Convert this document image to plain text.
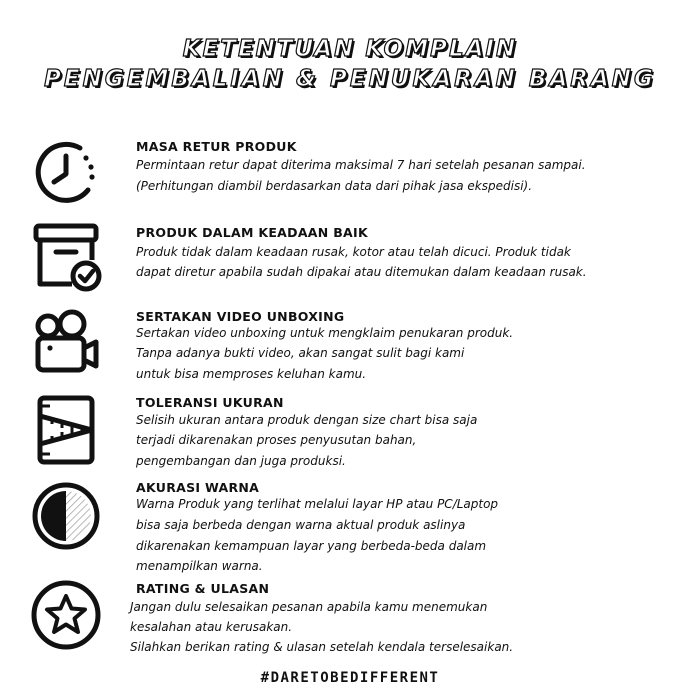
KETENTUAN KOMPLAIN
PENGEMBALIAN & PENUKARAN BARANG
MASA RETUR PRODUK
Permintaan retur dapat diterima maksimal 7 hari setelah pesanan sampai.
(Perhitungan diambil berdasarkan data dari pihak jasa ekspedisi).
PRODUK DALAM KEADAAN BAIK
Produk tidak dalam keadaan rusak, kotor atau telah dicuci. Produk tidak
dapat diretur apabila sudah dipakai atau ditemukan dalam keadaan rusak.
SERTAKAN VIDEO UNBOXING
Sertakan video unboxing untuk mengklaim penukaran produk.
Tanpa adanya bukti video, akan sangat sulit bagi kami
untuk bisa memproses keluhan kamu.
TOLERANSI UKURAN
Selisih ukuran antara produk dengan size chart bisa saja
terjadi dikarenakan proses penyusutan bahan,
pengembangan dan juga produksi.
AKURASI WARNA
Warna Produk yang terlihat melalui layar HP atau PC/Laptop
bisa saja berbeda dengan warna aktual produk aslinya
dikarenakan kemampuan layar yang berbeda-beda dalam
menampilkan warna.
RATING & ULASAN
Jangan dulu selesaikan pesanan apabila kamu menemukan
kesalahan atau kerusakan.
Silahkan berikan rating & ulasan setelah kendala terselesaikan.
#DARETOBEDIFFERENT
